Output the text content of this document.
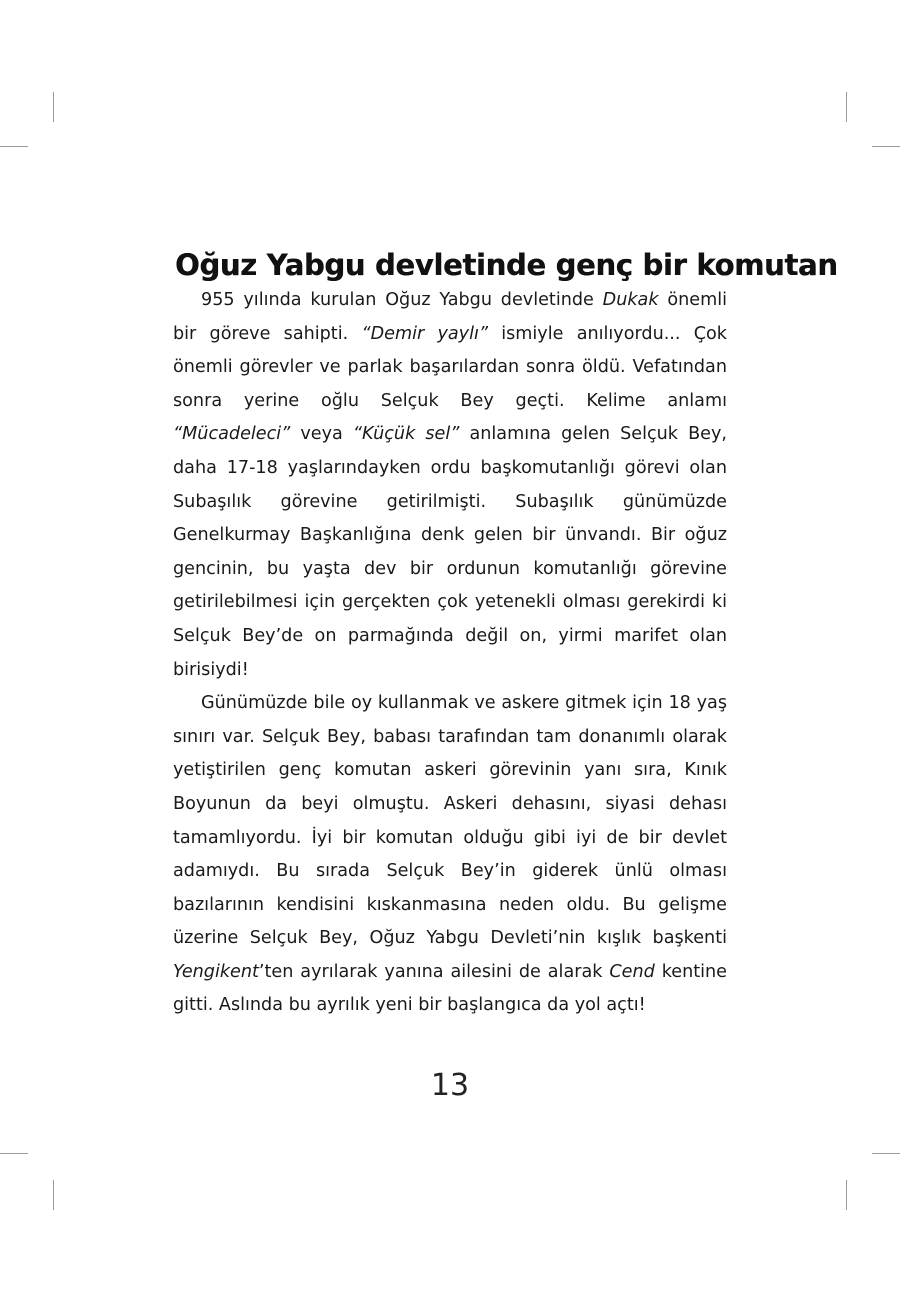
Oğuz Yabgu devletinde genç bir komutan

955 yılında kurulan Oğuz Yabgu devletinde Dukak önemli bir göreve sahipti. “Demir yaylı” ismiyle anılıyordu... Çok önemli görevler ve parlak başarılardan sonra öldü. Vefatından sonra yerine oğlu Selçuk Bey geçti. Kelime anlamı “Mücadeleci” veya “Küçük sel” anlamına gelen Selçuk Bey, daha 17-18 yaşlarındayken ordu başkomutanlığı görevi olan Subaşılık görevine getirilmişti. Subaşılık günümüzde Genelkurmay Başkanlığına denk gelen bir ünvandı. Bir oğuz gencinin, bu yaşta dev bir ordunun komutanlığı görevine getirilebilmesi için gerçekten çok yetenekli olması gerekirdi ki Selçuk Bey’de on parmağında değil on, yirmi marifet olan birisiydi!

Günümüzde bile oy kullanmak ve askere gitmek için 18 yaş sınırı var. Selçuk Bey, babası tarafından tam donanımlı olarak yetiştirilen genç komutan askeri görevinin yanı sıra, Kınık Boyunun da beyi olmuştu. Askeri dehasını, siyasi dehası tamamlıyordu. İyi bir komutan olduğu gibi iyi de bir devlet adamıydı. Bu sırada Selçuk Bey’in giderek ünlü olması bazılarının kendisini kıskanmasına neden oldu. Bu gelişme üzerine Selçuk Bey, Oğuz Yabgu Devleti’nin kışlık başkenti Yengikent’ten ayrılarak yanına ailesini de alarak Cend kentine gitti. Aslında bu ayrılık yeni bir başlangıca da yol açtı!

13
